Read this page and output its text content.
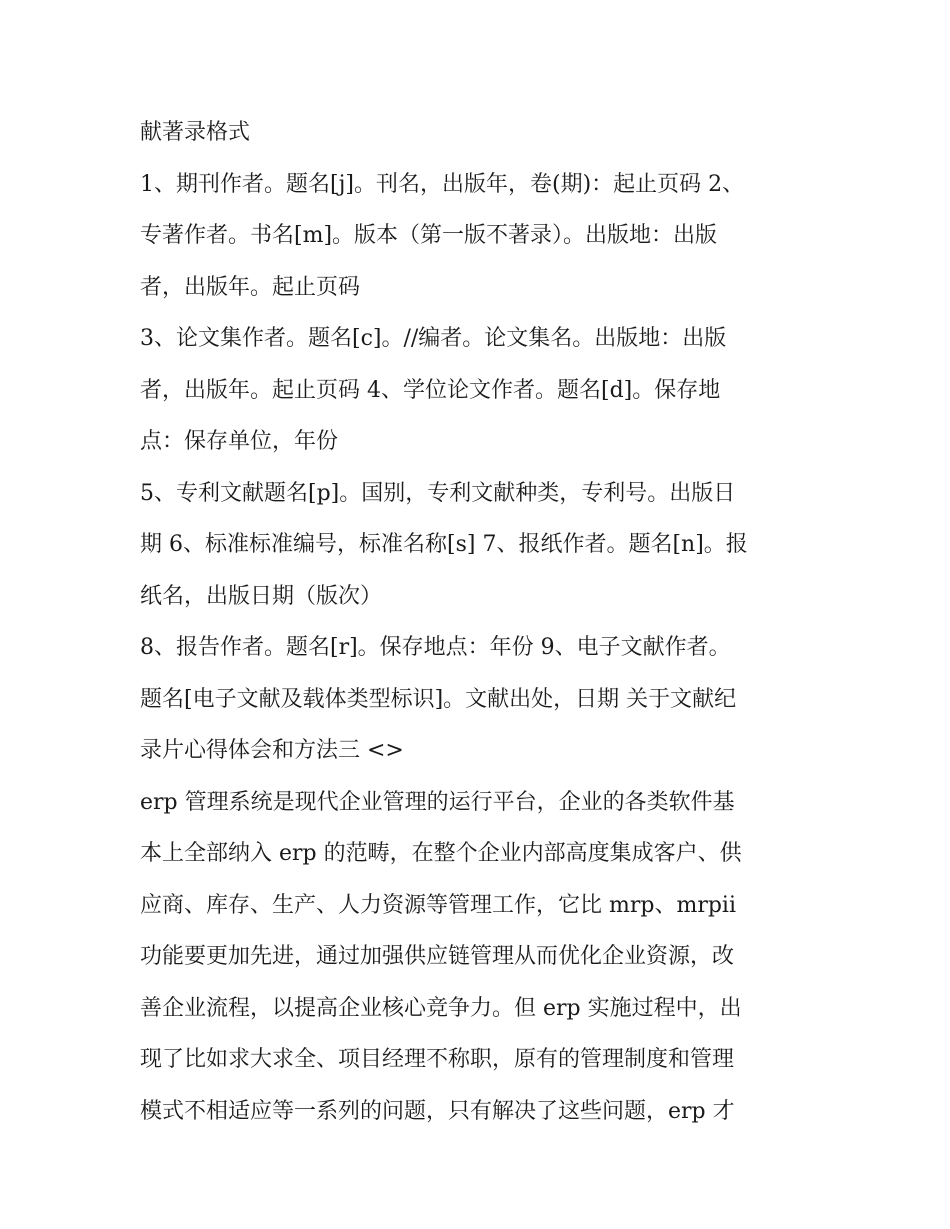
献著录格式
1、期刊作者。题名[j]。刊名，出版年，卷(期)：起止页码 2、
专著作者。书名[m]。版本（第一版不著录）。出版地：出版
者，出版年。起止页码
3、论文集作者。题名[c]。//编者。论文集名。出版地：出版
者，出版年。起止页码 4、学位论文作者。题名[d]。保存地
点：保存单位，年份
5、专利文献题名[p]。国别，专利文献种类，专利号。出版日
期 6、标准标准编号，标准名称[s] 7、报纸作者。题名[n]。报
纸名，出版日期（版次）
8、报告作者。题名[r]。保存地点：年份 9、电子文献作者。
题名[电子文献及载体类型标识]。文献出处，日期 关于文献纪
录片心得体会和方法三 <>
erp 管理系统是现代企业管理的运行平台，企业的各类软件基
本上全部纳入 erp 的范畴，在整个企业内部高度集成客户、供
应商、库存、生产、人力资源等管理工作，它比 mrp、mrpii
功能要更加先进，通过加强供应链管理从而优化企业资源，改
善企业流程，以提高企业核心竞争力。但 erp 实施过程中，出
现了比如求大求全、项目经理不称职，原有的管理制度和管理
模式不相适应等一系列的问题，只有解决了这些问题，erp 才
